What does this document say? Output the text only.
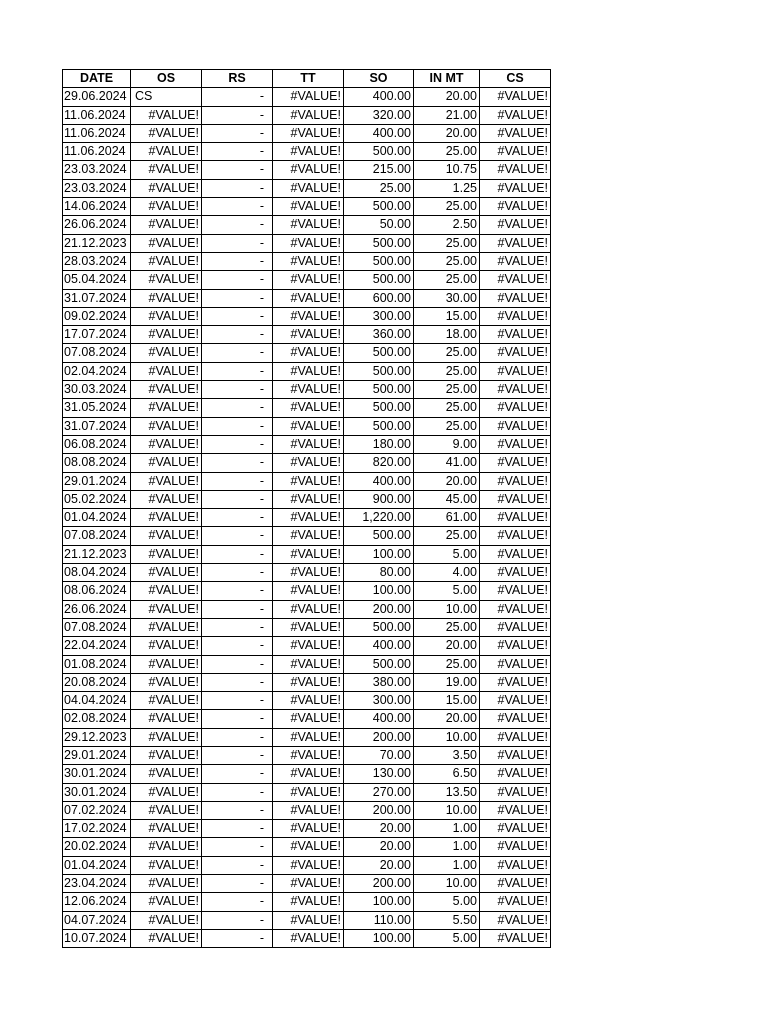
DATE	OS	RS	TT	SO	IN MT	CS
29.06.2024	CS	-	#VALUE!	400.00	20.00	#VALUE!
11.06.2024	#VALUE!	-	#VALUE!	320.00	21.00	#VALUE!
11.06.2024	#VALUE!	-	#VALUE!	400.00	20.00	#VALUE!
11.06.2024	#VALUE!	-	#VALUE!	500.00	25.00	#VALUE!
23.03.2024	#VALUE!	-	#VALUE!	215.00	10.75	#VALUE!
23.03.2024	#VALUE!	-	#VALUE!	25.00	1.25	#VALUE!
14.06.2024	#VALUE!	-	#VALUE!	500.00	25.00	#VALUE!
26.06.2024	#VALUE!	-	#VALUE!	50.00	2.50	#VALUE!
21.12.2023	#VALUE!	-	#VALUE!	500.00	25.00	#VALUE!
28.03.2024	#VALUE!	-	#VALUE!	500.00	25.00	#VALUE!
05.04.2024	#VALUE!	-	#VALUE!	500.00	25.00	#VALUE!
31.07.2024	#VALUE!	-	#VALUE!	600.00	30.00	#VALUE!
09.02.2024	#VALUE!	-	#VALUE!	300.00	15.00	#VALUE!
17.07.2024	#VALUE!	-	#VALUE!	360.00	18.00	#VALUE!
07.08.2024	#VALUE!	-	#VALUE!	500.00	25.00	#VALUE!
02.04.2024	#VALUE!	-	#VALUE!	500.00	25.00	#VALUE!
30.03.2024	#VALUE!	-	#VALUE!	500.00	25.00	#VALUE!
31.05.2024	#VALUE!	-	#VALUE!	500.00	25.00	#VALUE!
31.07.2024	#VALUE!	-	#VALUE!	500.00	25.00	#VALUE!
06.08.2024	#VALUE!	-	#VALUE!	180.00	9.00	#VALUE!
08.08.2024	#VALUE!	-	#VALUE!	820.00	41.00	#VALUE!
29.01.2024	#VALUE!	-	#VALUE!	400.00	20.00	#VALUE!
05.02.2024	#VALUE!	-	#VALUE!	900.00	45.00	#VALUE!
01.04.2024	#VALUE!	-	#VALUE!	1,220.00	61.00	#VALUE!
07.08.2024	#VALUE!	-	#VALUE!	500.00	25.00	#VALUE!
21.12.2023	#VALUE!	-	#VALUE!	100.00	5.00	#VALUE!
08.04.2024	#VALUE!	-	#VALUE!	80.00	4.00	#VALUE!
08.06.2024	#VALUE!	-	#VALUE!	100.00	5.00	#VALUE!
26.06.2024	#VALUE!	-	#VALUE!	200.00	10.00	#VALUE!
07.08.2024	#VALUE!	-	#VALUE!	500.00	25.00	#VALUE!
22.04.2024	#VALUE!	-	#VALUE!	400.00	20.00	#VALUE!
01.08.2024	#VALUE!	-	#VALUE!	500.00	25.00	#VALUE!
20.08.2024	#VALUE!	-	#VALUE!	380.00	19.00	#VALUE!
04.04.2024	#VALUE!	-	#VALUE!	300.00	15.00	#VALUE!
02.08.2024	#VALUE!	-	#VALUE!	400.00	20.00	#VALUE!
29.12.2023	#VALUE!	-	#VALUE!	200.00	10.00	#VALUE!
29.01.2024	#VALUE!	-	#VALUE!	70.00	3.50	#VALUE!
30.01.2024	#VALUE!	-	#VALUE!	130.00	6.50	#VALUE!
30.01.2024	#VALUE!	-	#VALUE!	270.00	13.50	#VALUE!
07.02.2024	#VALUE!	-	#VALUE!	200.00	10.00	#VALUE!
17.02.2024	#VALUE!	-	#VALUE!	20.00	1.00	#VALUE!
20.02.2024	#VALUE!	-	#VALUE!	20.00	1.00	#VALUE!
01.04.2024	#VALUE!	-	#VALUE!	20.00	1.00	#VALUE!
23.04.2024	#VALUE!	-	#VALUE!	200.00	10.00	#VALUE!
12.06.2024	#VALUE!	-	#VALUE!	100.00	5.00	#VALUE!
04.07.2024	#VALUE!	-	#VALUE!	110.00	5.50	#VALUE!
10.07.2024	#VALUE!	-	#VALUE!	100.00	5.00	#VALUE!
